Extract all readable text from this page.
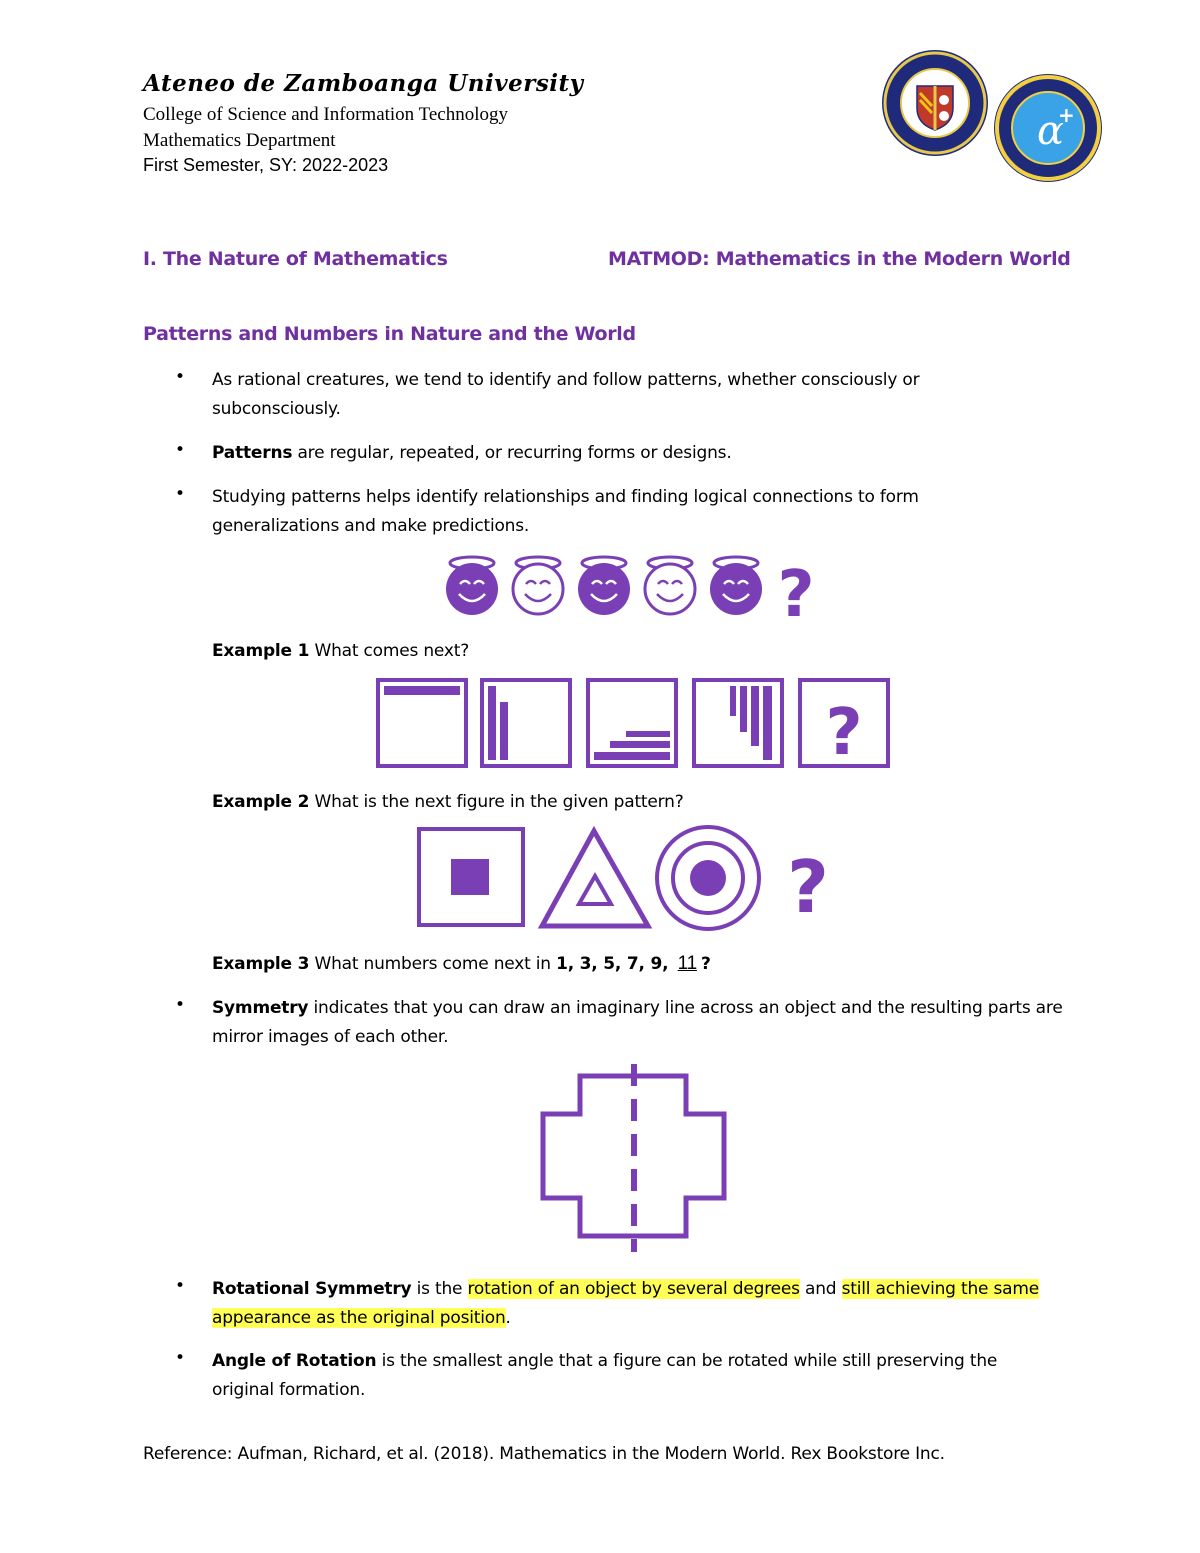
Ateneo de Zamboanga University
College of Science and Information Technology
Mathematics Department
First Semester, SY: 2022-2023
α
+
I. The Nature of Mathematics	MATMOD: Mathematics in the Modern World
Patterns and Numbers in Nature and the World
• As rational creatures, we tend to identify and follow patterns, whether consciously or subconsciously.
• Patterns are regular, repeated, or recurring forms or designs.
• Studying patterns helps identify relationships and finding logical connections to form generalizations and make predictions.
?
Example 1 What comes next?
?
Example 2 What is the next figure in the given pattern?
?
Example 3 What numbers come next in 1, 3, 5, 7, 9, 11 ?
• Symmetry indicates that you can draw an imaginary line across an object and the resulting parts are mirror images of each other.
• Rotational Symmetry is the rotation of an object by several degrees and still achieving the same
appearance as the original position.
• Angle of Rotation is the smallest angle that a figure can be rotated while still preserving the original formation.
Reference: Aufman, Richard, et al. (2018). Mathematics in the Modern World. Rex Bookstore Inc.
